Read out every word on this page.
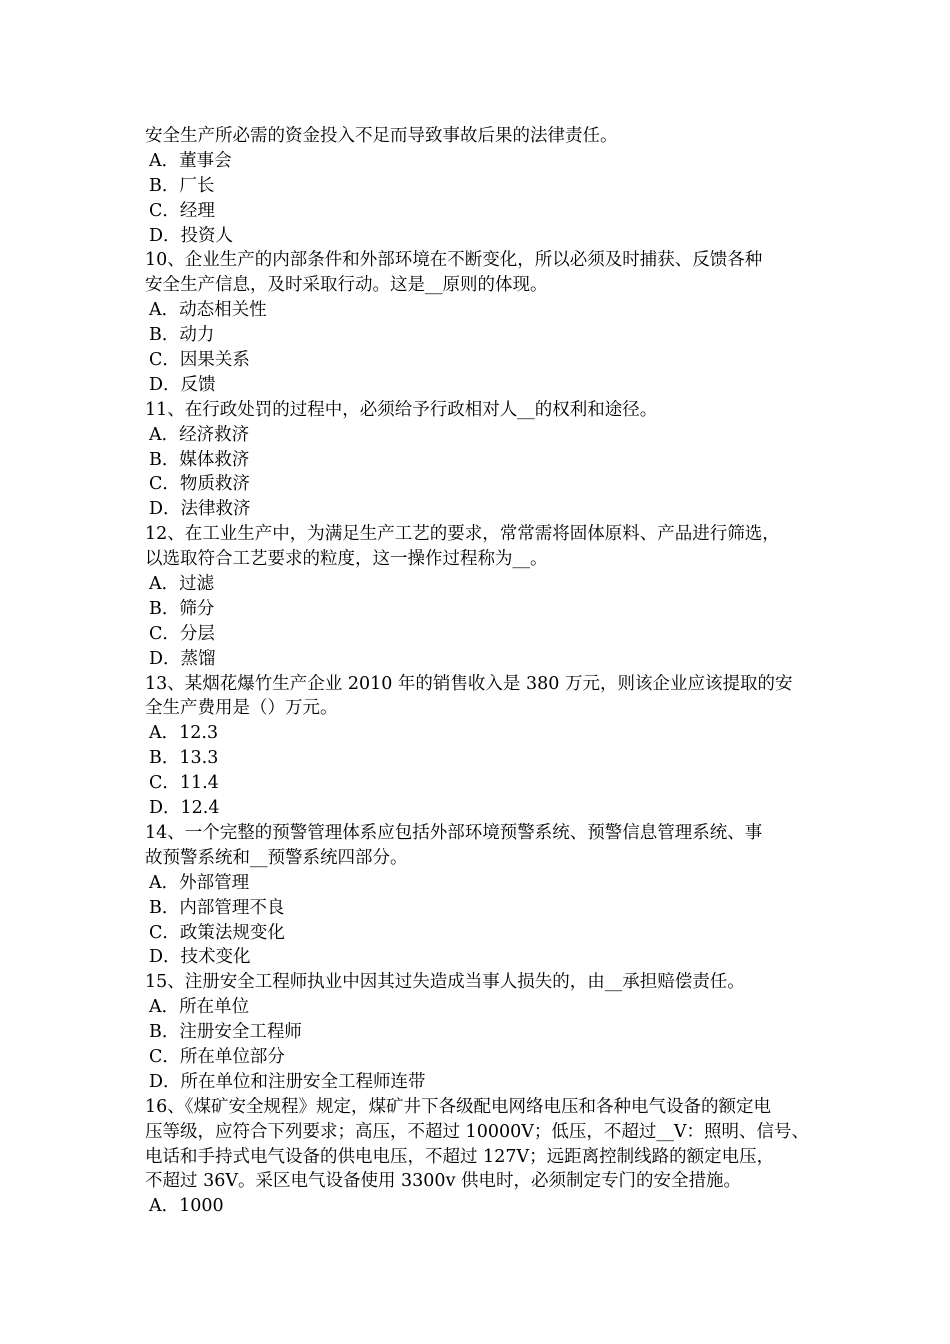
安全生产所必需的资金投入不足而导致事故后果的法律责任。
A．董事会
B．厂长
C．经理
D．投资人
10、企业生产的内部条件和外部环境在不断变化，所以必须及时捕获、反馈各种
安全生产信息，及时采取行动。这是__原则的体现。
A．动态相关性
B．动力
C．因果关系
D．反馈
11、在行政处罚的过程中，必须给予行政相对人__的权利和途径。
A．经济救济
B．媒体救济
C．物质救济
D．法律救济
12、在工业生产中，为满足生产工艺的要求，常常需将固体原料、产品进行筛选，
以选取符合工艺要求的粒度，这一操作过程称为__。
A．过滤
B．筛分
C．分层
D．蒸馏
13、某烟花爆竹生产企业 2010 年的销售收入是 380 万元，则该企业应该提取的安
全生产费用是（）万元。
A．12.3
B．13.3
C．11.4
D．12.4
14、一个完整的预警管理体系应包括外部环境预警系统、预警信息管理系统、事
故预警系统和__预警系统四部分。
A．外部管理
B．内部管理不良
C．政策法规变化
D．技术变化
15、注册安全工程师执业中因其过失造成当事人损失的，由__承担赔偿责任。
A．所在单位
B．注册安全工程师
C．所在单位部分
D．所在单位和注册安全工程师连带
16、《煤矿安全规程》规定，煤矿井下各级配电网络电压和各种电气设备的额定电
压等级，应符合下列要求；高压，不超过 10000V；低压，不超过__V：照明、信号、
电话和手持式电气设备的供电电压，不超过 127V；远距离控制线路的额定电压，
不超过 36V。采区电气设备使用 3300v 供电时，必须制定专门的安全措施。
A．1000
